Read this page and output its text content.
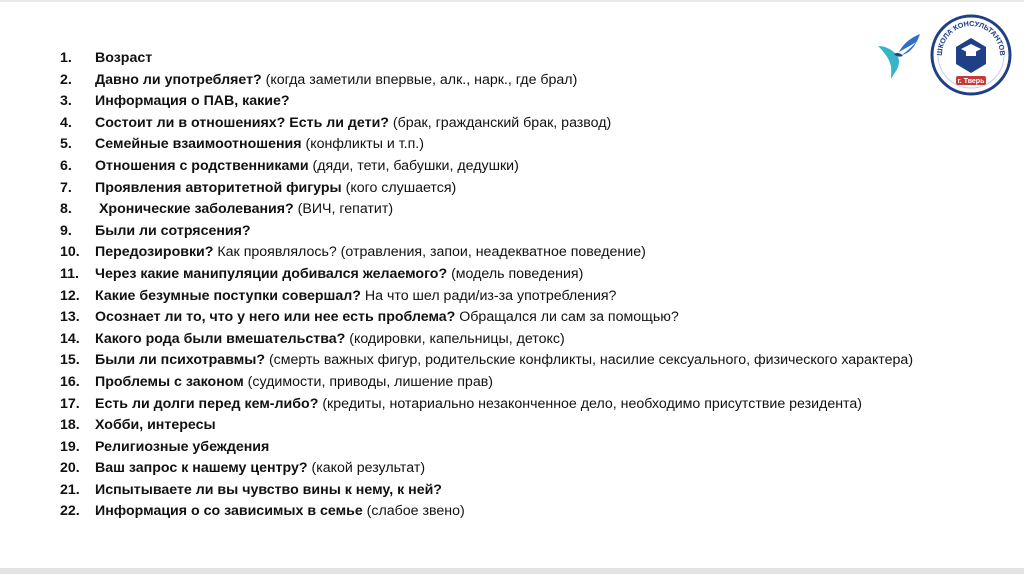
1.	Возраст
2.	Давно ли употребляет? (когда заметили впервые, алк., нарк., где брал)
3.	Информация о ПАВ, какие?
4.	Состоит ли в отношениях? Есть ли дети? (брак, гражданский брак, развод)
5.	Семейные взаимоотношения (конфликты и т.п.)
6.	Отношения с родственниками (дяди, тети, бабушки, дедушки)
7.	Проявления авторитетной фигуры (кого слушается)
8.	Хронические заболевания? (ВИЧ, гепатит)
9.	Были ли сотрясения?
10.	Передозировки? Как проявлялось? (отравления, запои, неадекватное поведение)
11.	Через какие манипуляции добивался желаемого? (модель поведения)
12.	Какие безумные поступки совершал? На что шел ради/из-за употребления?
13.	Осознает ли то, что у него или нее есть проблема? Обращался ли сам за помощью?
14.	Какого рода были вмешательства? (кодировки, капельницы, детокс)
15.	Были ли психотравмы? (смерть важных фигур, родительские конфликты, насилие сексуального, физического характера)
16.	Проблемы с законом (судимости, приводы, лишение прав)
17.	Есть ли долги перед кем-либо? (кредиты, нотариально незаконченное дело, необходимо присутствие резидента)
18.	Хобби, интересы
19.	Религиозные убеждения
20.	Ваш запрос к нашему центру? (какой результат)
21.	Испытываете ли вы чувство вины к нему, к ней?
22.	Информация о со зависимых в семье (слабое звено)
ШКОЛА КОНСУЛЬТАНТОВ
г. Тверь
